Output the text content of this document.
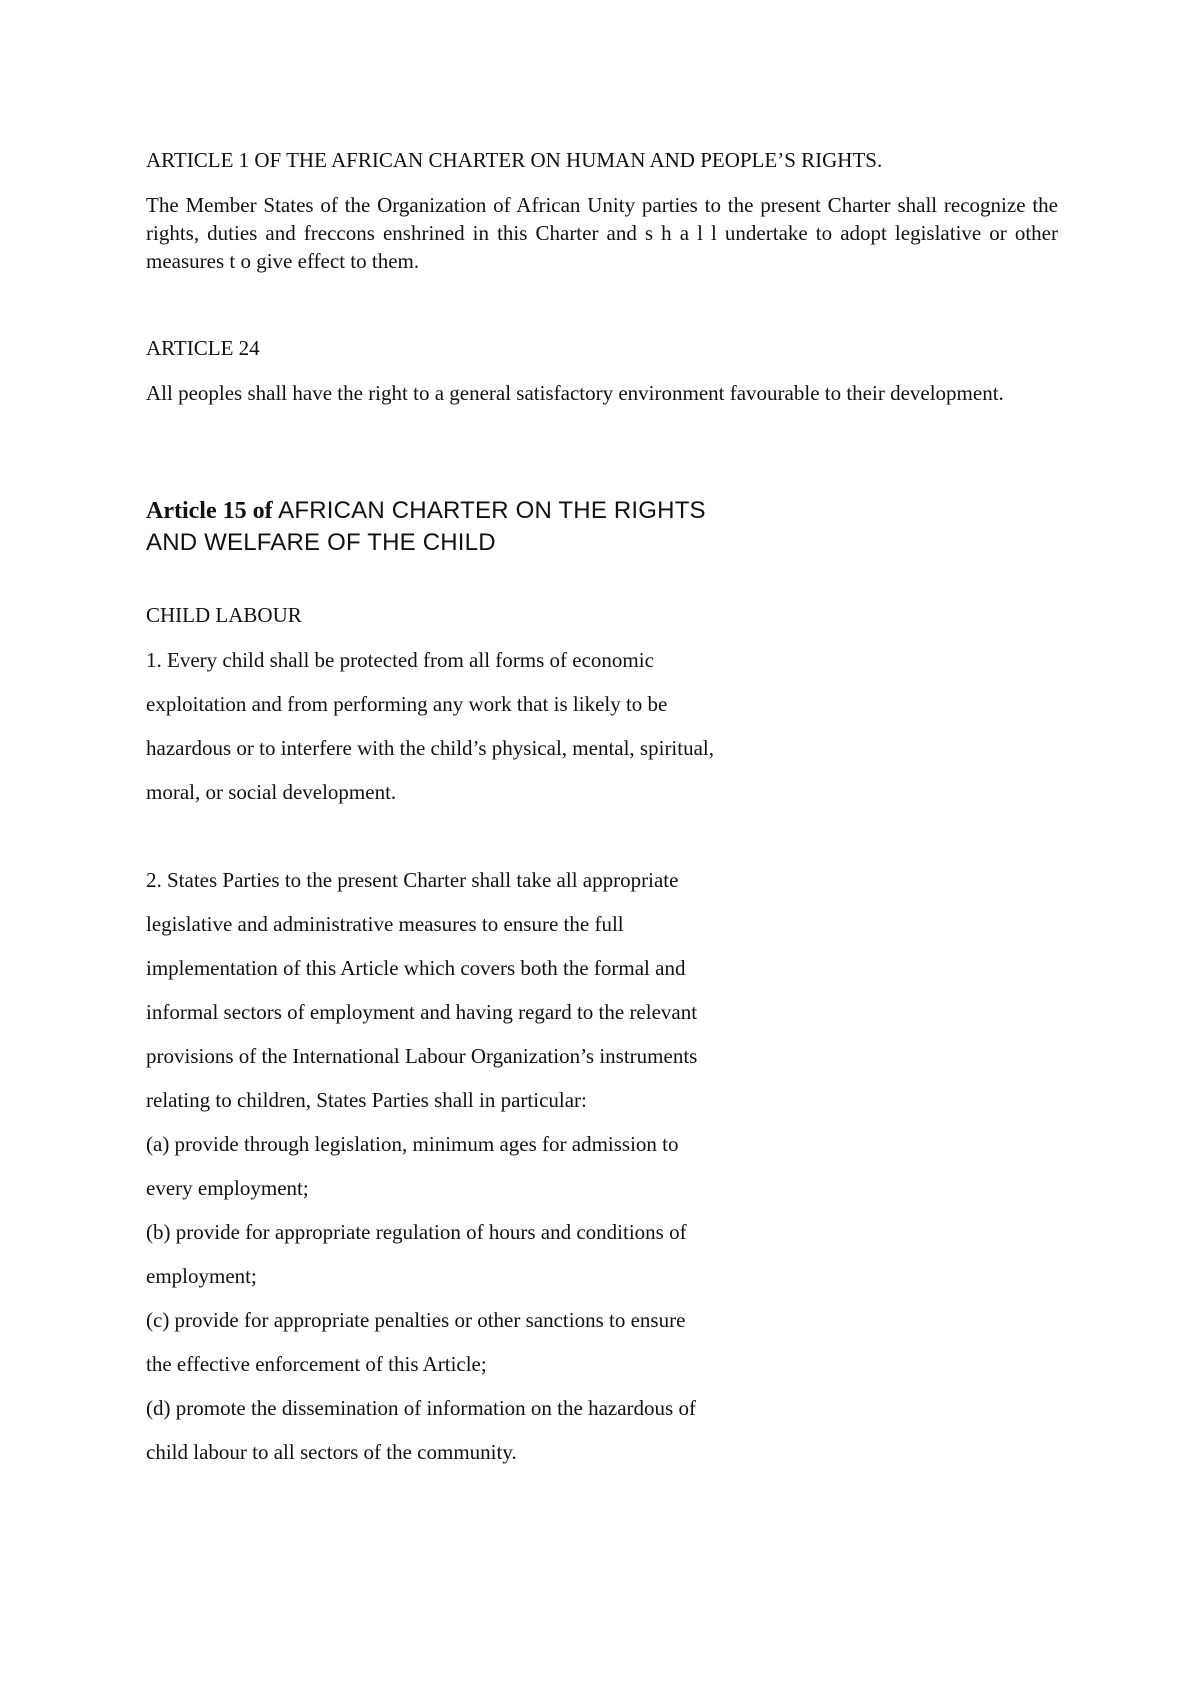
ARTICLE 1 OF THE AFRICAN CHARTER ON HUMAN AND PEOPLE’S RIGHTS.

The Member States of the Organization of African Unity parties to the present Charter shall recognize the rights, duties and freccons enshrined in this Charter and s h a l l undertake to adopt legislative or other measures t o give effect to them.

ARTICLE 24

All peoples shall have the right to a general satisfactory environment favourable to their development.

Article 15 of AFRICAN CHARTER ON THE RIGHTS
AND WELFARE OF THE CHILD

CHILD LABOUR

1. Every child shall be protected from all forms of economic
exploitation and from performing any work that is likely to be
hazardous or to interfere with the child’s physical, mental, spiritual,
moral, or social development.
2. States Parties to the present Charter shall take all appropriate
legislative and administrative measures to ensure the full
implementation of this Article which covers both the formal and
informal sectors of employment and having regard to the relevant
provisions of the International Labour Organization’s instruments
relating to children, States Parties shall in particular:
(a) provide through legislation, minimum ages for admission to
every employment;
(b) provide for appropriate regulation of hours and conditions of
employment;
(c) provide for appropriate penalties or other sanctions to ensure
the effective enforcement of this Article;
(d) promote the dissemination of information on the hazardous of
child labour to all sectors of the community.
